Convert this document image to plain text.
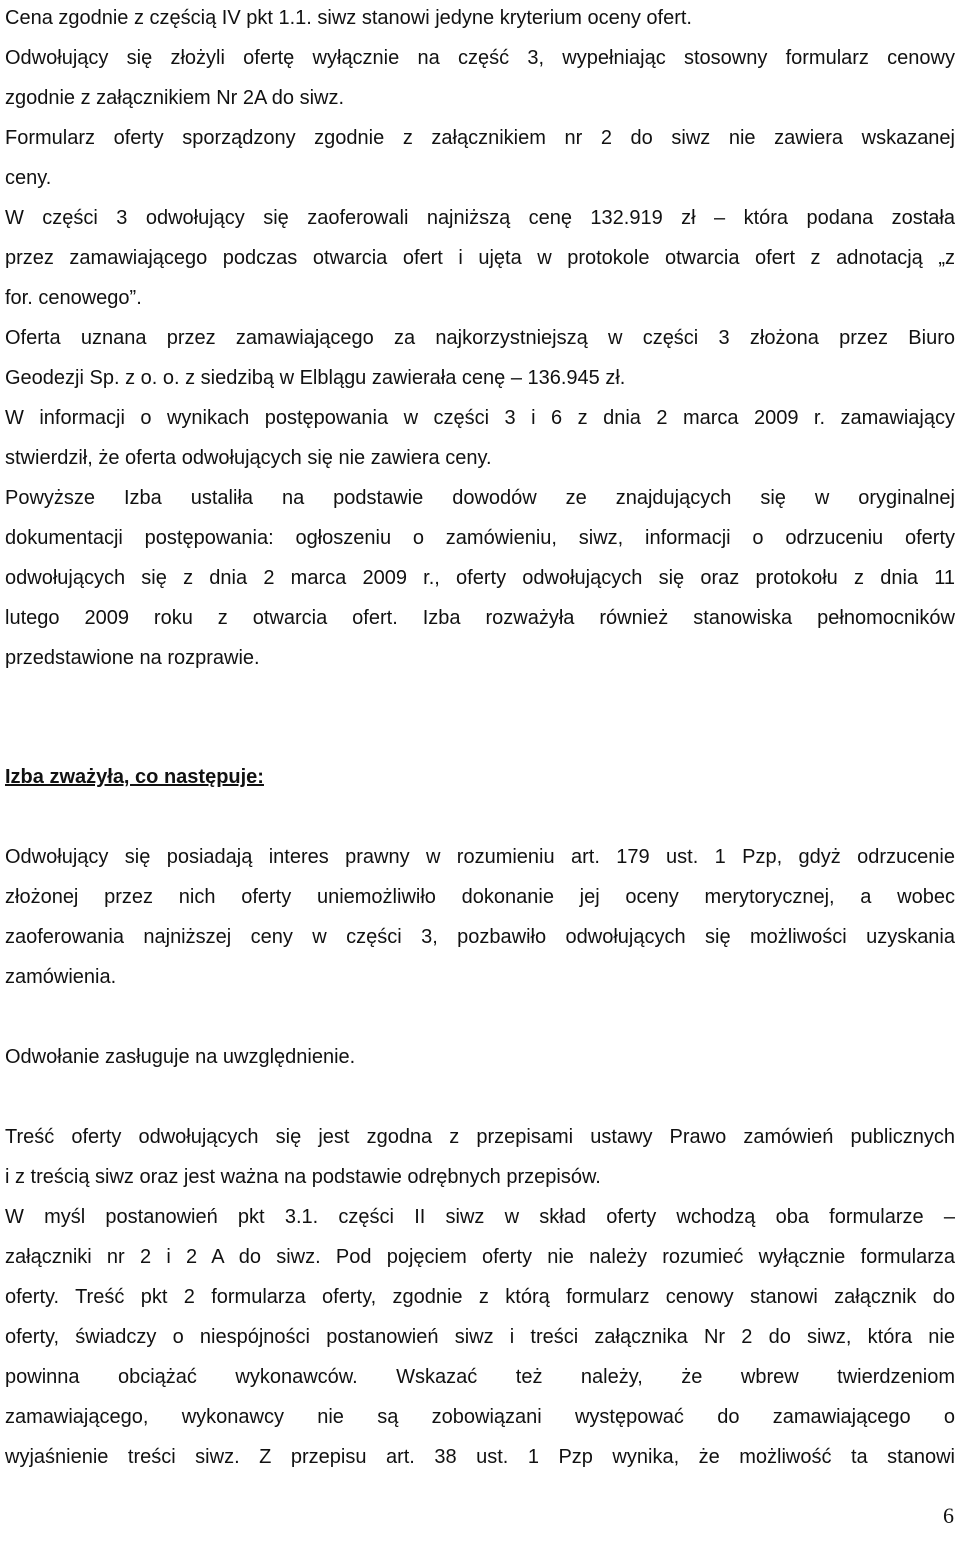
Cena zgodnie z częścią IV pkt 1.1. siwz stanowi jedyne kryterium oceny ofert.
Odwołujący się złożyli ofertę wyłącznie na część 3, wypełniając stosowny formularz cenowy
zgodnie z załącznikiem Nr 2A do siwz.
Formularz oferty sporządzony zgodnie z załącznikiem nr 2 do siwz nie zawiera wskazanej
ceny.
W części 3 odwołujący się zaoferowali najniższą cenę 132.919 zł – która podana została
przez zamawiającego podczas otwarcia ofert i ujęta w protokole otwarcia ofert z adnotacją „z
for. cenowego”.
Oferta uznana przez zamawiającego za najkorzystniejszą w części 3 złożona przez Biuro
Geodezji Sp. z o. o. z siedzibą w Elblągu zawierała cenę – 136.945 zł.
W informacji o wynikach postępowania w części 3 i 6 z dnia 2 marca 2009 r. zamawiający
stwierdził, że oferta odwołujących się nie zawiera ceny.
Powyższe Izba ustaliła na podstawie dowodów ze znajdujących się w oryginalnej
dokumentacji postępowania: ogłoszeniu o zamówieniu, siwz, informacji o odrzuceniu oferty
odwołujących się z dnia 2 marca 2009 r., oferty odwołujących się oraz protokołu z dnia 11
lutego 2009 roku z otwarcia ofert. Izba rozważyła również stanowiska pełnomocników
przedstawione na rozprawie.
Izba zważyła, co następuje:
Odwołujący się posiadają interes prawny w rozumieniu art. 179 ust. 1 Pzp, gdyż odrzucenie
złożonej przez nich oferty uniemożliwiło dokonanie jej oceny merytorycznej, a wobec
zaoferowania najniższej ceny w części 3, pozbawiło odwołujących się możliwości uzyskania
zamówienia.
Odwołanie zasługuje na uwzględnienie.
Treść oferty odwołujących się jest zgodna z przepisami ustawy Prawo zamówień publicznych
i z treścią siwz oraz jest ważna na podstawie odrębnych przepisów.
W myśl postanowień pkt 3.1. części II siwz w skład oferty wchodzą oba formularze –
załączniki nr 2 i 2 A do siwz. Pod pojęciem oferty nie należy rozumieć wyłącznie formularza
oferty. Treść pkt 2 formularza oferty, zgodnie z którą formularz cenowy stanowi załącznik do
oferty, świadczy o niespójności postanowień siwz i treści załącznika Nr 2 do siwz, która nie
powinna obciążać wykonawców. Wskazać też należy, że wbrew twierdzeniom
zamawiającego, wykonawcy nie są zobowiązani występować do zamawiającego o
wyjaśnienie treści siwz. Z przepisu art. 38 ust. 1 Pzp wynika, że możliwość ta stanowi
6
